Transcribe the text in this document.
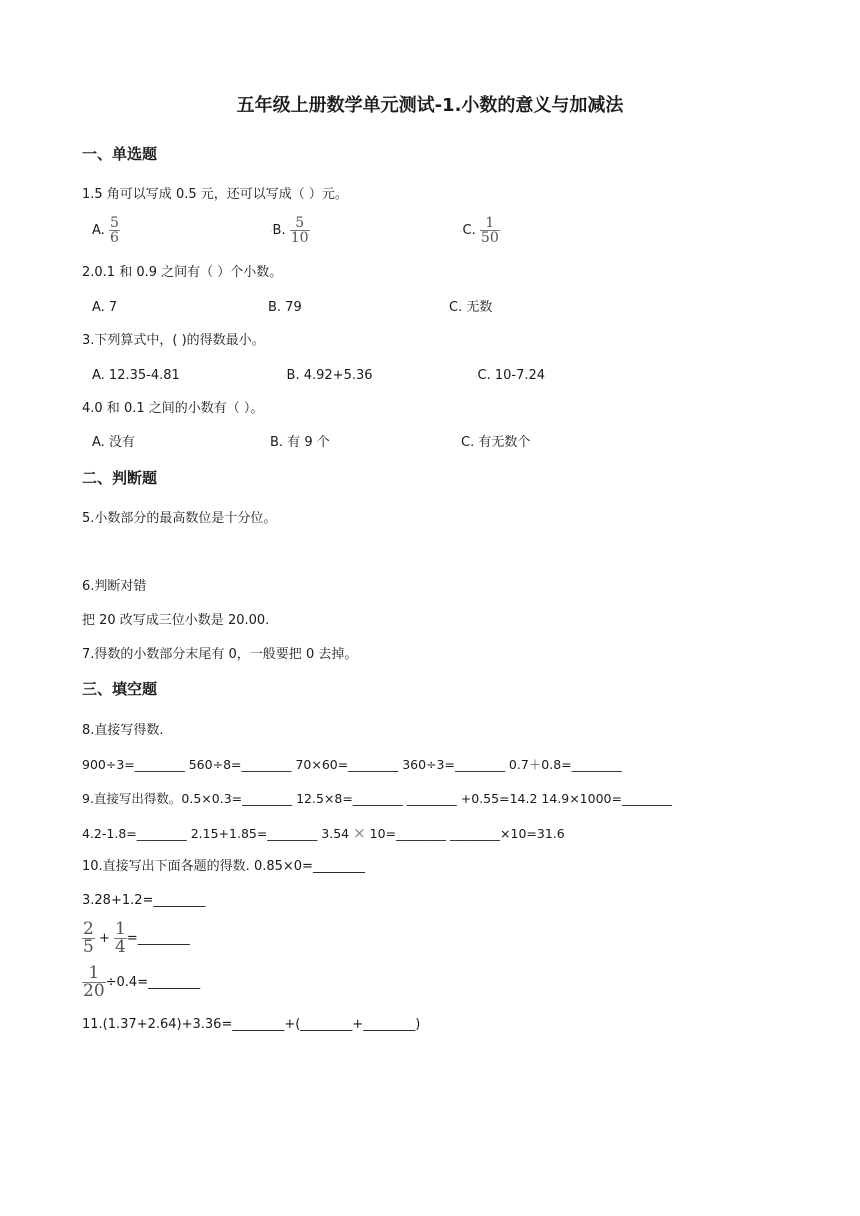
五年级上册数学单元测试-1.小数的意义与加减法
一、单选题
1.5 角可以写成 0.5 元，还可以写成（ ）元。
A. $\frac{5}{6}$	·B. $\frac{5}{10}$	·C. $\frac{1}{50}$
2.0.1 和 0.9 之间有（ ）个小数。
A. 7	B. 79	C. 无数
3.下列算式中，( )的得数最小。
A. 12.35-4.81	·B. 4.92+5.36	·C. 10-7.24
4.0 和 0.1 之间的小数有（ ）。
A. 没有	B. 有 9 个	C. 有无数个
二、判断题
5.小数部分的最高数位是十分位。
6.判断对错
把 20 改写成三位小数是 20.00.
7.得数的小数部分末尾有 0，一般要把 0 去掉。
三、填空题
8.直接写得数.
900÷3=________ 560÷8=________ 70×60=________ 360÷3=________ 0.7＋0.8=________
9.直接写出得数。0.5×0.3=________ 12.5×8=________ ________ +0.55=14.2 14.9×1000=________
4.2-1.8=________ 2.15+1.85=________ 3.54 × 10=________ ________×10=31.6
10.直接写出下面各题的得数. 0.85×0=________
3.28+1.2=________
$\frac{2}{5} + \frac{1}{4}$ =________
$\frac{1}{20}$ ÷0.4=________
11.(1.37+2.64)+3.36=________+(________+________)
